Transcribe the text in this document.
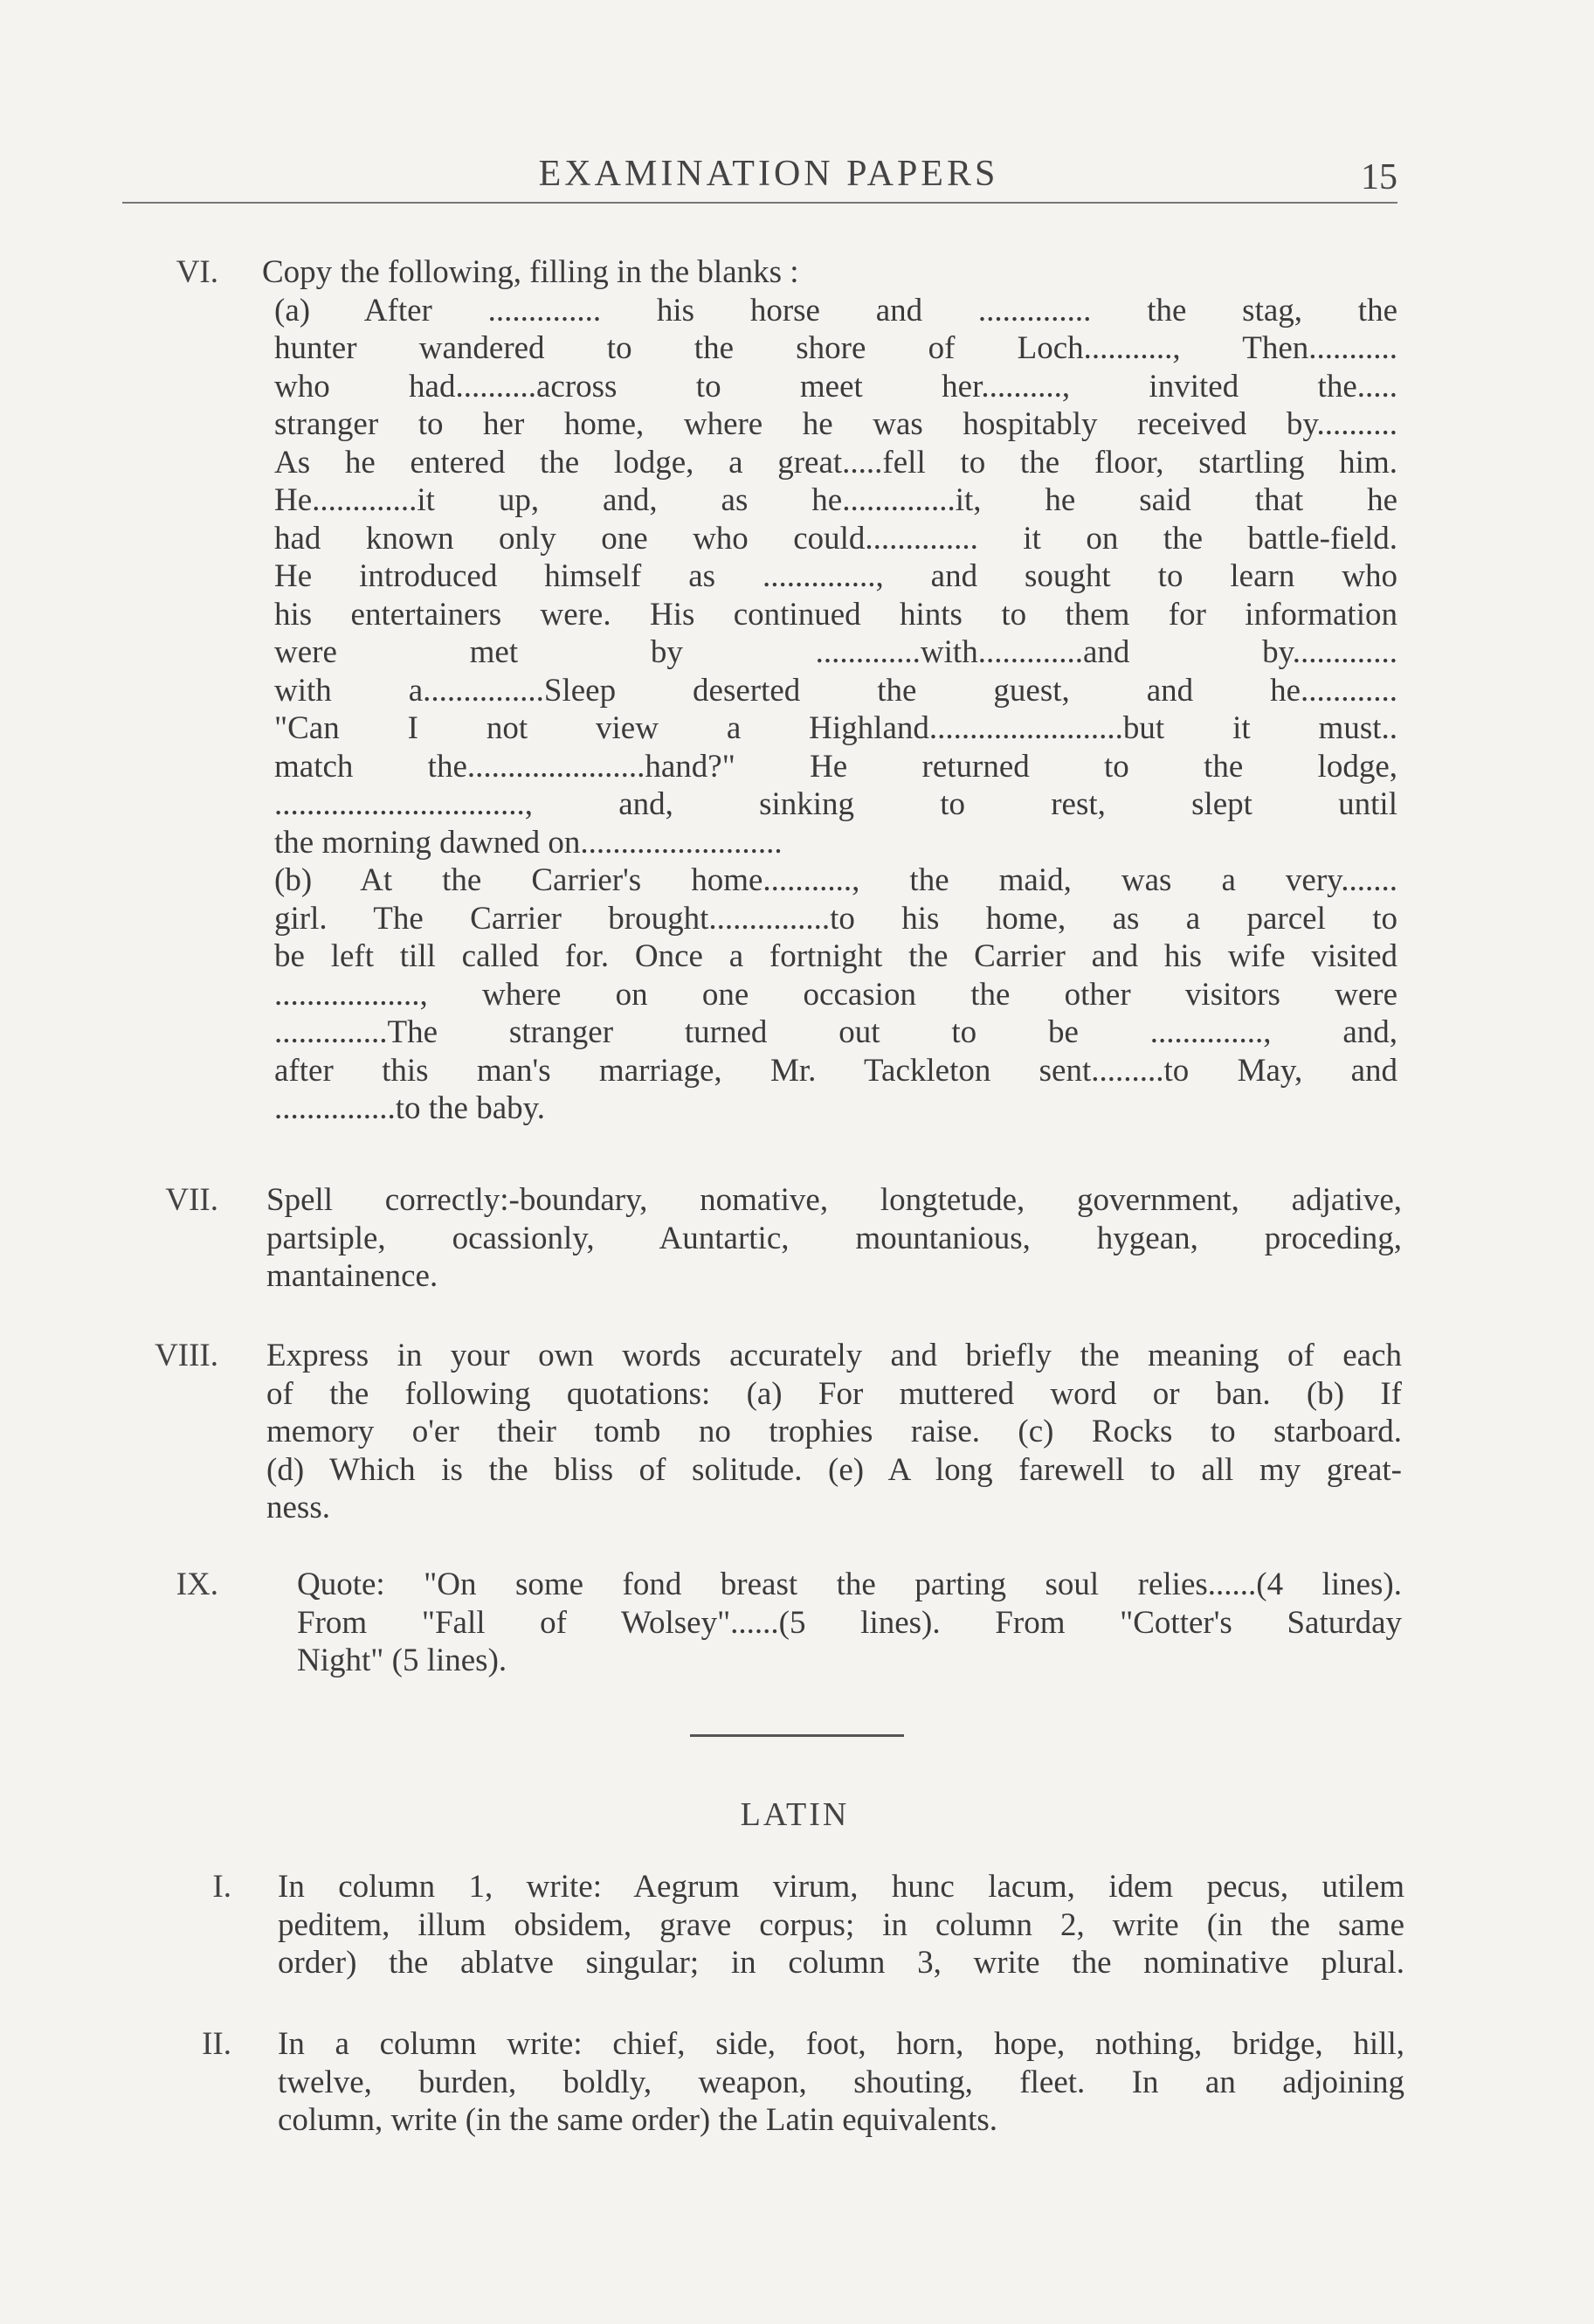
EXAMINATION PAPERS	15
VI. Copy the following, filling in the blanks :
(a) After .............. his horse and .............. the stag, the
hunter wandered to the shore of Loch..........., Then...........
who had..........across to meet her.........., invited the.....
stranger to her home, where he was hospitably received by..........
As he entered the lodge, a great.....fell to the floor, startling him.
He.............it up, and, as he..............it, he said that he
had known only one who could.............. it on the battle-field.
He introduced himself as .............., and sought to learn who
his entertainers were. His continued hints to them for information
were met by .............with.............and by.............
with a...............Sleep deserted the guest, and he............
"Can I not view a Highland........................but it must..
match the......................hand?" He returned to the lodge,
..............................., and, sinking to rest, slept until
the morning dawned on.........................
(b) At the Carrier's home..........., the maid, was a very.......
girl. The Carrier brought...............to his home, as a parcel to
be left till called for. Once a fortnight the Carrier and his wife visited
.................., where on one occasion the other visitors were
..............The stranger turned out to be .............., and,
after this man's marriage, Mr. Tackleton sent.........to May, and
...............to the baby.
VII. Spell correctly:-boundary, nomative, longtetude, government, adjative,
partsiple, ocassionly, Auntartic, mountanious, hygean, proceding,
mantainence.
VIII. Express in your own words accurately and briefly the meaning of each
of the following quotations: (a) For muttered word or ban. (b) If
memory o'er their tomb no trophies raise. (c) Rocks to starboard.
(d) Which is the bliss of solitude. (e) A long farewell to all my great-
ness.
IX. Quote: "On some fond breast the parting soul relies......(4 lines).
From "Fall of Wolsey"......(5 lines). From "Cotter's Saturday
Night" (5 lines).
LATIN
I. In column 1, write: Aegrum virum, hunc lacum, idem pecus, utilem
peditem, illum obsidem, grave corpus; in column 2, write (in the same
order) the ablatve singular; in column 3, write the nominative plural.
II. In a column write: chief, side, foot, horn, hope, nothing, bridge, hill,
twelve, burden, boldly, weapon, shouting, fleet. In an adjoining
column, write (in the same order) the Latin equivalents.
